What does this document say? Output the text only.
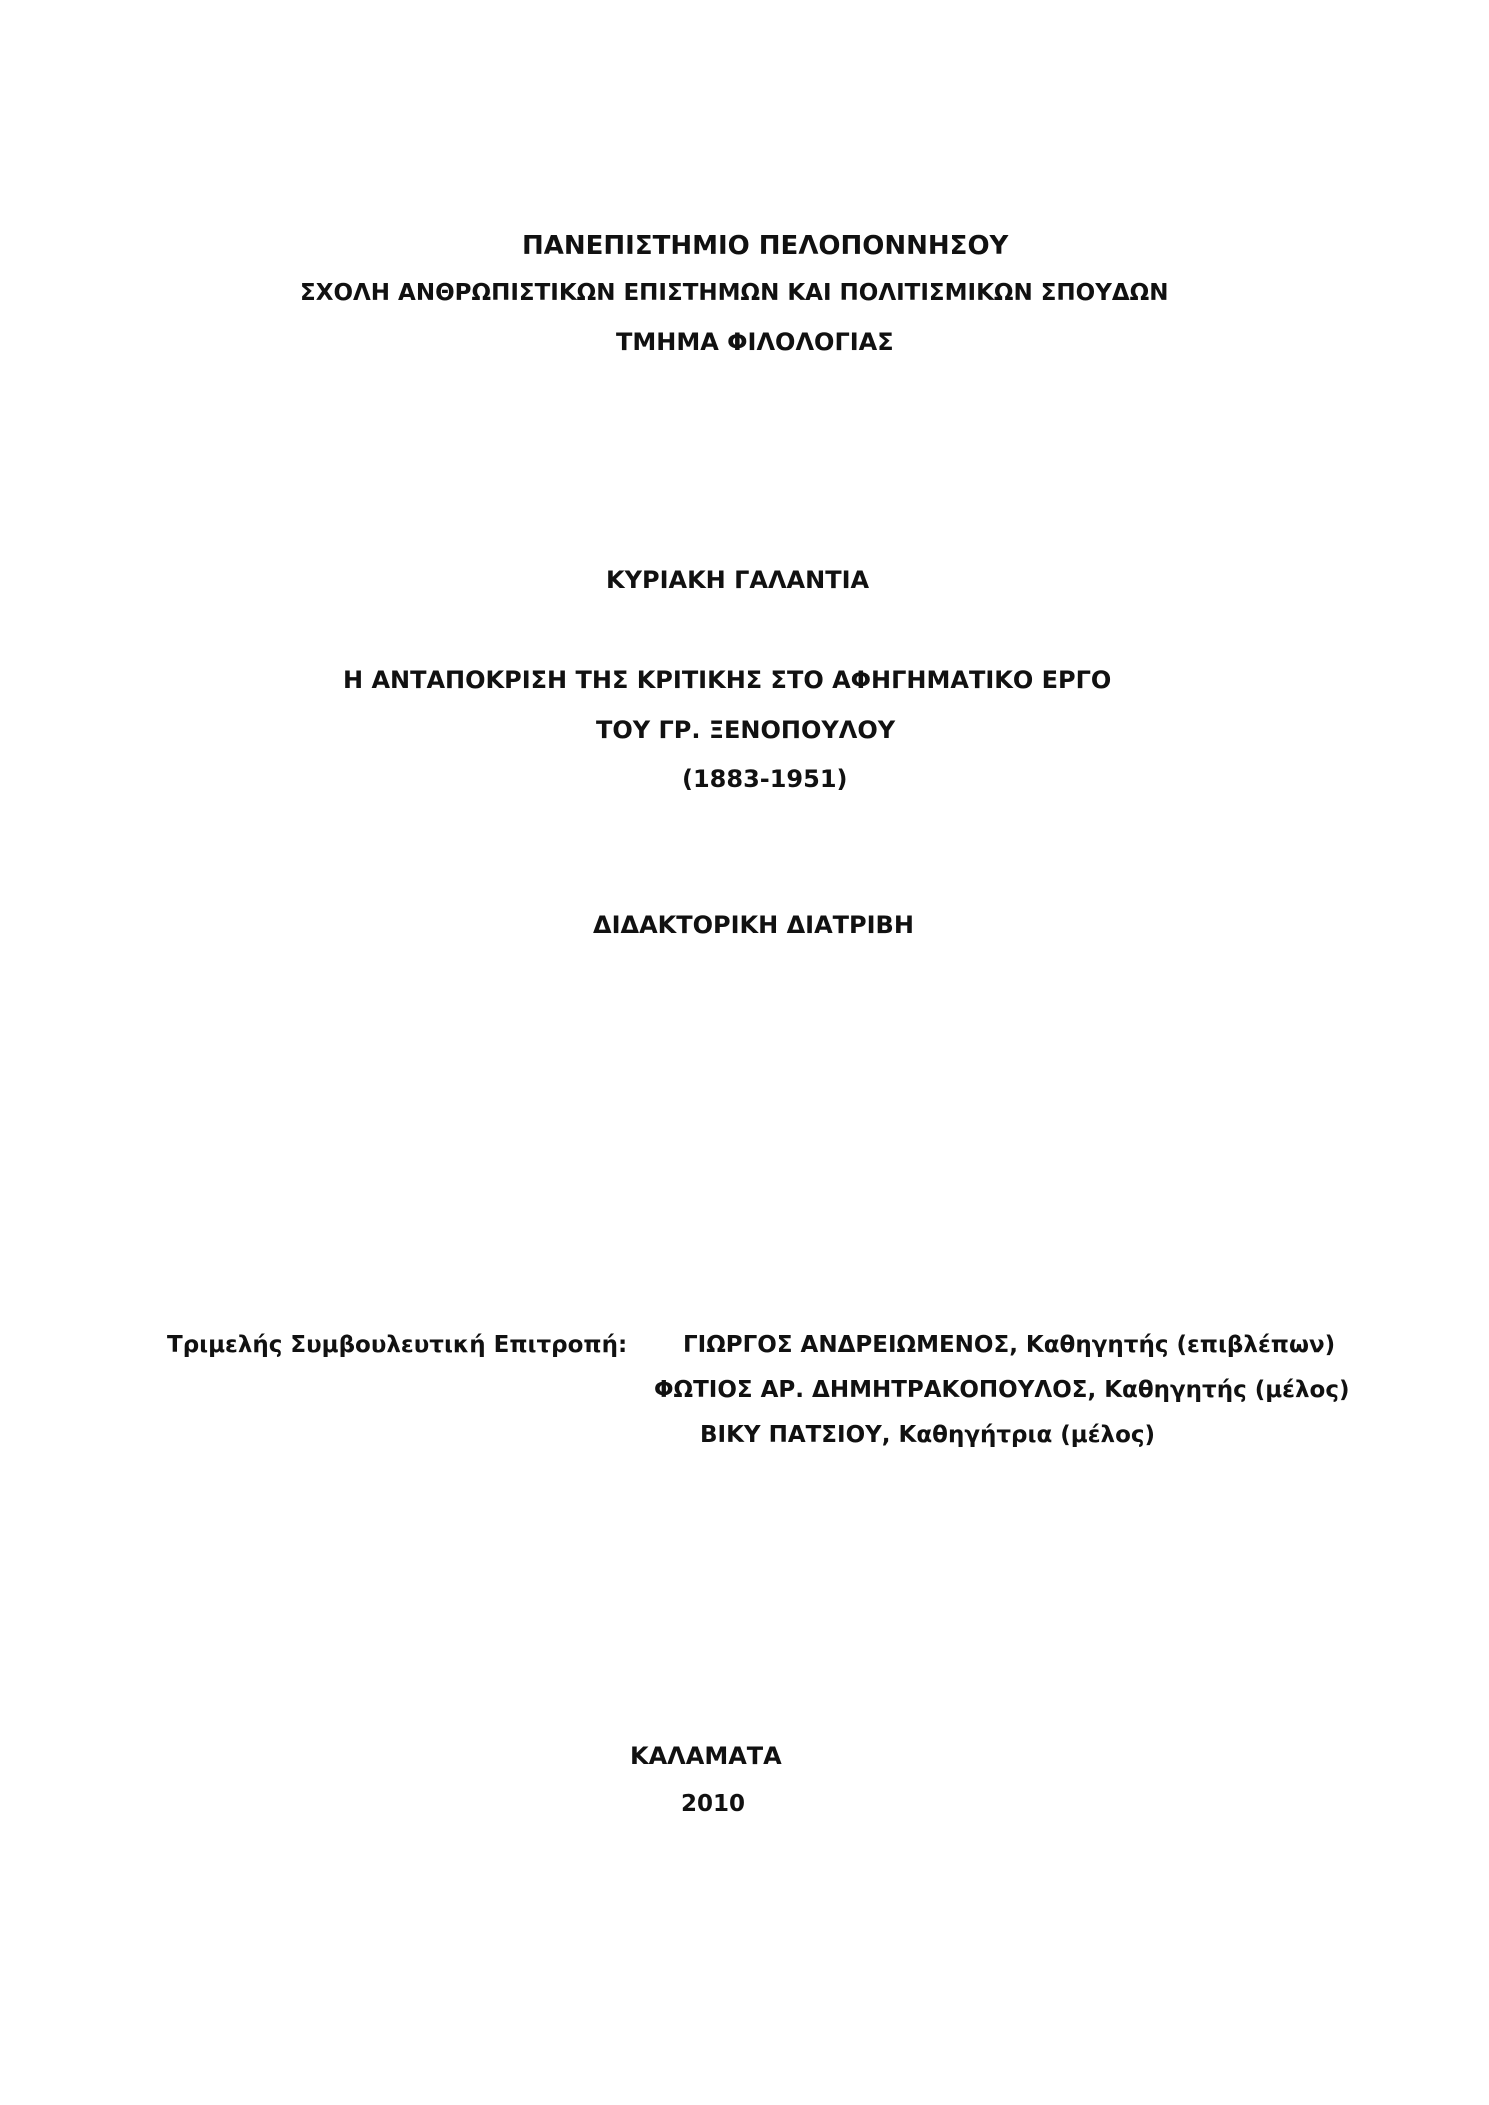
ΠΑΝΕΠΙΣΤΗΜΙΟ ΠΕΛΟΠΟΝΝΗΣΟΥ
ΣΧΟΛΗ ΑΝΘΡΩΠΙΣΤΙΚΩΝ ΕΠΙΣΤΗΜΩΝ ΚΑΙ ΠΟΛΙΤΙΣΜΙΚΩΝ ΣΠΟΥΔΩΝ
ΤΜΗΜΑ ΦΙΛΟΛΟΓΙΑΣ
ΚΥΡΙΑΚΗ ΓΑΛΑΝΤΙΑ
Η ΑΝΤΑΠΟΚΡΙΣΗ ΤΗΣ ΚΡΙΤΙΚΗΣ ΣΤΟ ΑΦΗΓΗΜΑΤΙΚΟ ΕΡΓΟ
ΤΟΥ ΓΡ. ΞΕΝΟΠΟΥΛΟΥ
(1883-1951)
ΔΙΔΑΚΤΟΡΙΚΗ ΔΙΑΤΡΙΒΗ
Τριμελής Συμβουλευτική Επιτροπή: ΓΙΩΡΓΟΣ ΑΝΔΡΕΙΩΜΕΝΟΣ, Καθηγητής (επιβλέπων)
ΦΩΤΙΟΣ ΑΡ. ΔΗΜΗΤΡΑΚΟΠΟΥΛΟΣ, Καθηγητής (μέλος)
ΒΙΚΥ ΠΑΤΣΙΟΥ, Καθηγήτρια (μέλος)
ΚΑΛΑΜΑΤΑ
2010
